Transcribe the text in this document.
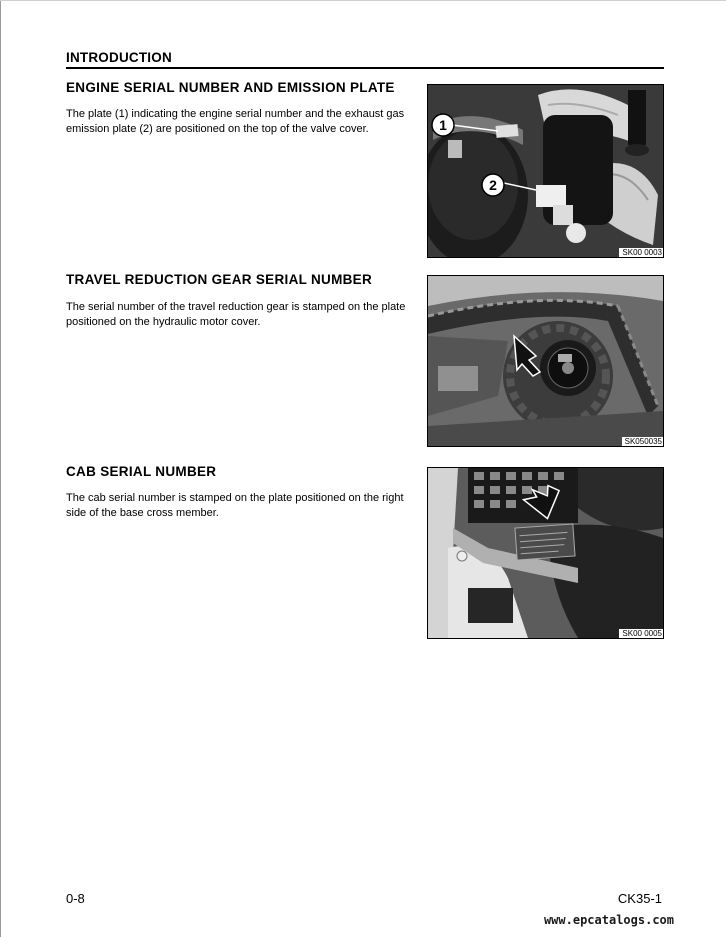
INTRODUCTION
ENGINE SERIAL NUMBER AND EMISSION PLATE
The plate (1) indicating the engine serial number and the exhaust gas emission plate (2) are positioned on the top of the valve cover.	1
2
SK00 0003
TRAVEL REDUCTION GEAR SERIAL NUMBER
The serial number of the travel reduction gear is stamped on the plate positioned on the hydraulic motor cover.
SK050035
CAB SERIAL NUMBER
The cab serial number is stamped on the plate positioned on the right side of the base cross member.
SK00 0005
0-8	CK35-1
www.epcatalogs.com
